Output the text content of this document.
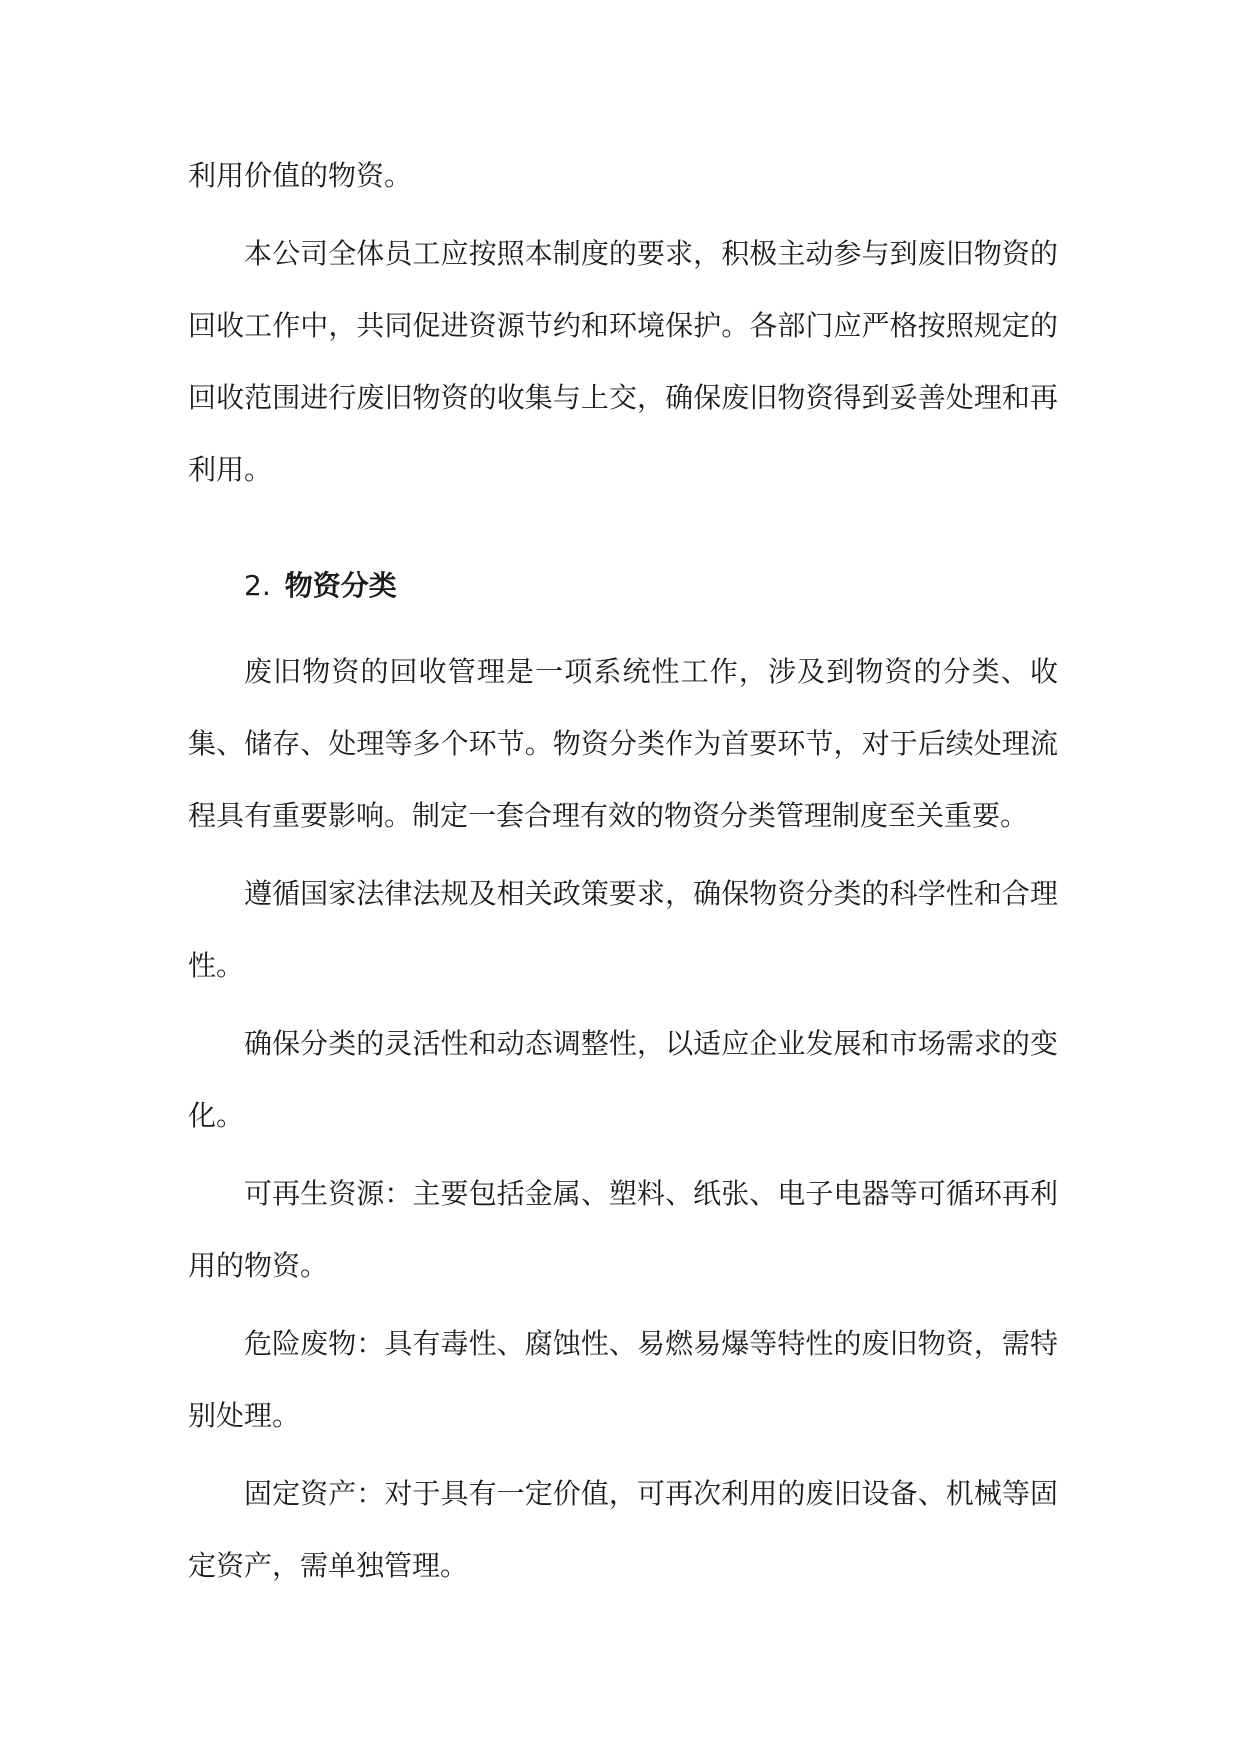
利用价值的物资。

本公司全体员工应按照本制度的要求，积极主动参与到废旧物资的回收工作中，共同促进资源节约和环境保护。各部门应严格按照规定的回收范围进行废旧物资的收集与上交，确保废旧物资得到妥善处理和再利用。

2. 物资分类

废旧物资的回收管理是一项系统性工作，涉及到物资的分类、收集、储存、处理等多个环节。物资分类作为首要环节，对于后续处理流程具有重要影响。制定一套合理有效的物资分类管理制度至关重要。

遵循国家法律法规及相关政策要求，确保物资分类的科学性和合理性。

确保分类的灵活性和动态调整性，以适应企业发展和市场需求的变化。

可再生资源：主要包括金属、塑料、纸张、电子电器等可循环再利用的物资。

危险废物：具有毒性、腐蚀性、易燃易爆等特性的废旧物资，需特别处理。

固定资产：对于具有一定价值，可再次利用的废旧设备、机械等固定资产，需单独管理。
